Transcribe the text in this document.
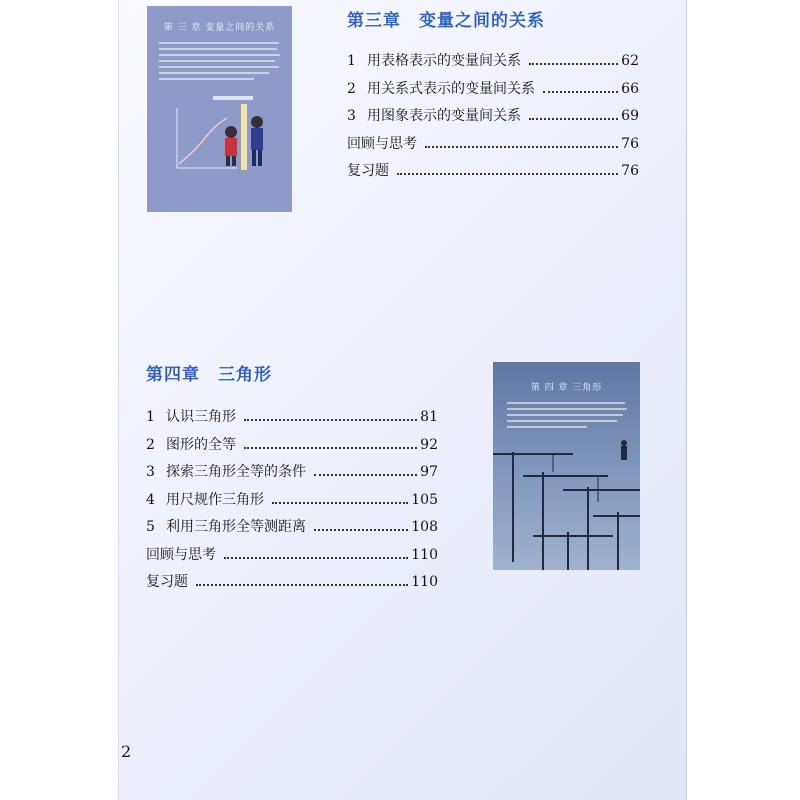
第 三 章 变量之间的关系	第三章 变量之间的关系
1 用表格表示的变量间关系	62
2 用关系式表示的变量间关系	66
3 用图象表示的变量间关系	69
回顾与思考	76
复习题	76
第四章 三角形
1 认识三角形	81
2 图形的全等	92
3 探索三角形全等的条件	97
4 用尺规作三角形	105
5 利用三角形全等测距离	108
回顾与思考	110
复习题	110
第 四 章 三角形
2
